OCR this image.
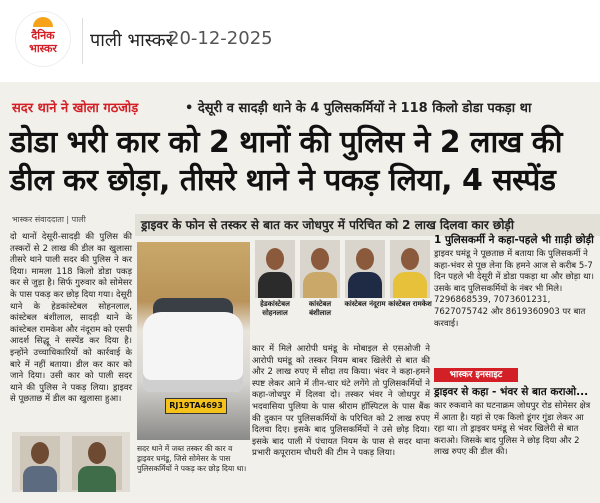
दैनिक
भास्कर	पाली भास्कर
20-12-2025
सदर थाने ने खोला गठजोड़	• देसूरी व सादड़ी थाने के 4 पुलिसकर्मियों ने 118 किलो डोडा पकड़ा था
डोडा भरी कार को 2 थानों की पुलिस ने 2 लाख की डील कर छोड़ा, तीसरे थाने ने पकड़ लिया, 4 सस्पेंड
भास्कर संवाददाता | पाली	ड्राइवर के फोन से तस्कर से बात कर जोधपुर में परिचित को 2 लाख दिलवा कार छोड़ी

दो थानों देसूरी-सादड़ी की पुलिस की तस्करों से 2 लाख की डील का खुलासा तीसरे थाने पाली सदर की पुलिस ने कर दिया। मामला 118 किलो डोडा पकड़ कर से जुड़ा है। सिर्फ गुरुवार को सोमेसर के पास पकड़ कर छोड़ दिया गया। देसूरी थाने के हेडकांस्टेबल सोहनलाल, कांस्टेबल बंशीलाल, सादड़ी थाने के कांस्टेबल रामकेश और नंदूराम को एसपी आदर्श सिद्धू ने सस्पेंड कर दिया है। इन्होंने उच्चाधिकारियों को कार्रवाई के बारे में नहीं बताया। डील कर कार को जाने दिया। उसी कार को पाली सदर थाने की पुलिस ने पकड़ लिया। ड्राइवर से पूछताछ में डील का खुलासा हुआ।

RJ19TA4693
सदर थाने में जब्त तस्कर की कार व ड्राइवर घमंडू, जिसे सोमेसर के पास पुलिसकर्मियों ने पकड़ कर छोड़ दिया था।
हेडकांस्टेबल सोहनलाल
कांस्टेबल बंशीलाल
कांस्टेबल नंदूराम कांस्टेबल रामकेश
कार में मिले आरोपी घमंडू के मोबाइल से एसओजी ने आरोपी घमंडू को तस्कर नियम बाबर खिलेरी से बात की और 2 लाख रुपए में सौदा तय किया। भंवर ने कहा-हमने स्पष्ट लेकर आने में तीन-चार घंटे लगेंगे तो पुलिसकर्मियों ने कहा-जोधपुर में दिलवा दो। तस्कर भंवर ने जोधपुर में भदवासिया पुलिया के पास श्रीराम हॉस्पिटल के पास बैंक की दुकान पर पुलिसकर्मियों के परिचित को 2 लाख रुपए दिलवा दिए। इसके बाद पुलिसकर्मियों ने उसे छोड़ दिया। इसके बाद पाली में पंचायत नियम के पास से सदर थाना प्रभारी कपूराराम चौधरी की टीम ने पकड़ लिया।
1 पुलिसकर्मी ने कहा-पहले भी ग़ाड़ी छोड़ी
ड्राइवर घमंडू ने पूछताछ में बताया कि पुलिसकर्मी ने कहा-भंवर से पूछ लेना कि हमने आज से करीब 5-7 दिन पहले भी देसूरी में डोडा पकड़ा था और छोड़ा था। उसके बाद पुलिसकर्मियों के नंबर भी मिले। 7296868539, 7073601231, 7627075742 और 8619360903 पर बात करवाई।
भास्कर इनसाइट
ड्राइवर से कहा - भंवर से बात कराओ...
कार रुकवाने का घटनाक्रम जोधपुर रोड सोमेसर क्षेत्र में आता है। यहां से एक किलो डूंगर गुंडा लेकर आ रहा था। तो ड्राइवर घमंडू से भंवर खिलेरी से बात कराओ। जिसके बाद पुलिस ने छोड़ दिया और 2 लाख रुपए की डील की।
